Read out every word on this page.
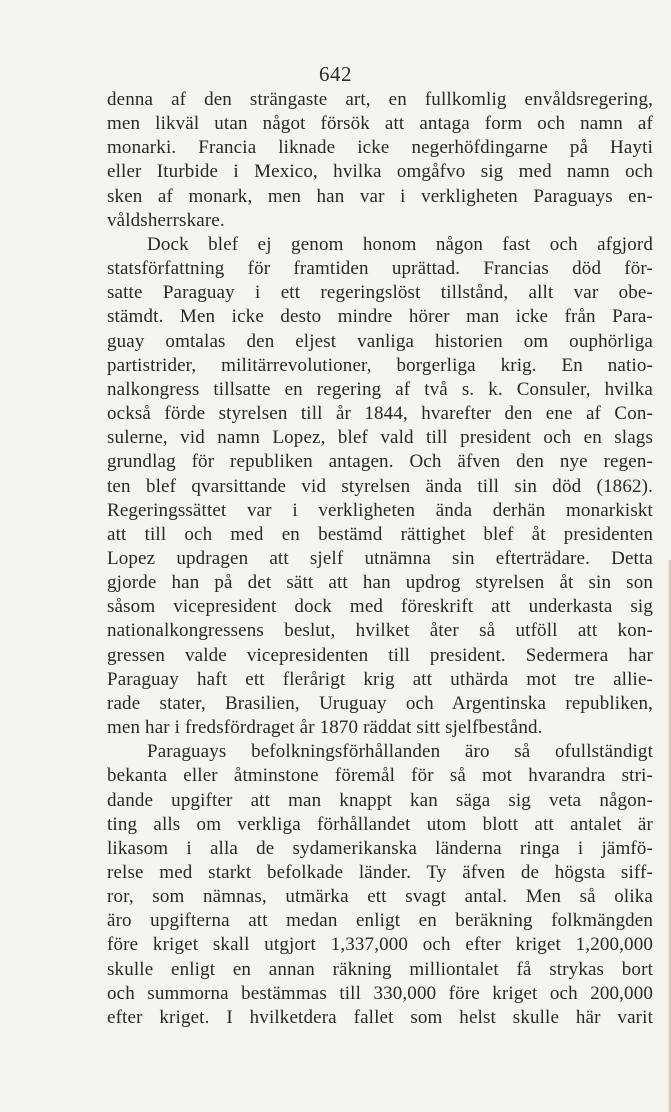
642
denna af den strängaste art, en fullkomlig envåldsregering,
men likväl utan något försök att antaga form och namn af
monarki. Francia liknade icke negerhöfdingarne på Hayti
eller Iturbide i Mexico, hvilka omgåfvo sig med namn och
sken af monark, men han var i verkligheten Paraguays en-
våldsherrskare.
Dock blef ej genom honom någon fast och afgjord
statsförfattning för framtiden uprättad. Francias död för-
satte Paraguay i ett regeringslöst tillstånd, allt var obe-
stämdt. Men icke desto mindre hörer man icke från Para-
guay omtalas den eljest vanliga historien om ouphörliga
partistrider, militärrevolutioner, borgerliga krig. En natio-
nalkongress tillsatte en regering af två s. k. Consuler, hvilka
också förde styrelsen till år 1844, hvarefter den ene af Con-
sulerne, vid namn Lopez, blef vald till president och en slags
grundlag för republiken antagen. Och äfven den nye regen-
ten blef qvarsittande vid styrelsen ända till sin död (1862).
Regeringssättet var i verkligheten ända derhän monarkiskt
att till och med en bestämd rättighet blef åt presidenten
Lopez updragen att sjelf utnämna sin efterträdare. Detta
gjorde han på det sätt att han updrog styrelsen åt sin son
såsom vicepresident dock med föreskrift att underkasta sig
nationalkongressens beslut, hvilket åter så utföll att kon-
gressen valde vicepresidenten till president. Sedermera har
Paraguay haft ett flerårigt krig att uthärda mot tre allie-
rade stater, Brasilien, Uruguay och Argentinska republiken,
men har i fredsfördraget år 1870 räddat sitt sjelfbestånd.
Paraguays befolkningsförhållanden äro så ofullständigt
bekanta eller åtminstone föremål för så mot hvarandra stri-
dande upgifter att man knappt kan säga sig veta någon-
ting alls om verkliga förhållandet utom blott att antalet är
likasom i alla de sydamerikanska länderna ringa i jämfö-
relse med starkt befolkade länder. Ty äfven de högsta siff-
ror, som nämnas, utmärka ett svagt antal. Men så olika
äro upgifterna att medan enligt en beräkning folkmängden
före kriget skall utgjort 1,337,000 och efter kriget 1,200,000
skulle enligt en annan räkning milliontalet få strykas bort
och summorna bestämmas till 330,000 före kriget och 200,000
efter kriget. I hvilketdera fallet som helst skulle här varit
